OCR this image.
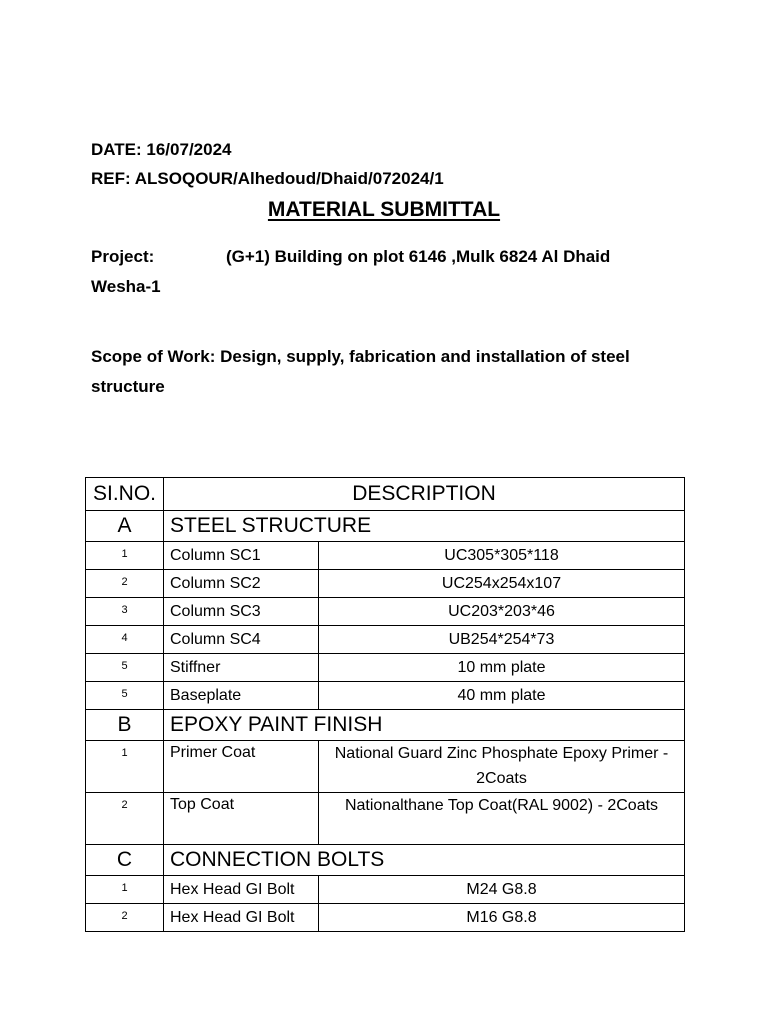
DATE: 16/07/2024
REF: ALSOQOUR/Alhedoud/Dhaid/072024/1
MATERIAL SUBMITTAL
Project:	(G+1) Building on plot 6146 ,Mulk 6824 Al Dhaid
Wesha-1
Scope of Work: Design, supply, fabrication and installation of steel
structure
SI.NO.	DESCRIPTION	
A	STEEL STRUCTURE	
1	Column SC1	UC305*305*118
2	Column SC2	UC254x254x107
3	Column SC3	UC203*203*46
4	Column SC4	UB254*254*73
5	Stiffner	10 mm plate
5	Baseplate	40 mm plate
B	EPOXY PAINT FINISH	
1	Primer Coat	National Guard Zinc Phosphate Epoxy Primer - 2Coats
2	Top Coat	Nationalthane Top Coat(RAL 9002) - 2Coats
C	CONNECTION BOLTS	
1	Hex Head GI Bolt	M24 G8.8
2	Hex Head GI Bolt	M16 G8.8
